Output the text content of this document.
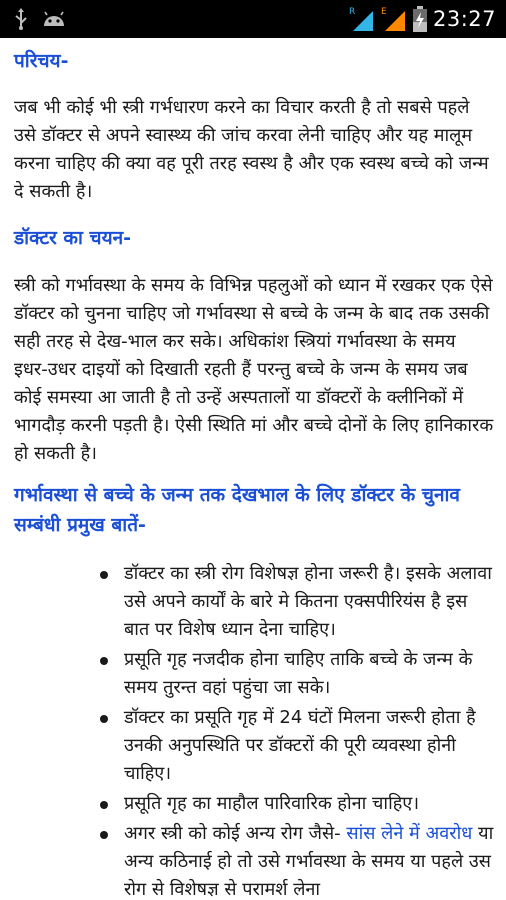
R	E 23:27
परिचय-
जब भी कोई भी स्त्री गर्भधारण करने का विचार करती है तो सबसे पहले उसे डॉक्टर से अपने स्वास्थ्य की जांच करवा लेनी चाहिए और यह मालूम करना चाहिए की क्या वह पूरी तरह स्वस्थ है और एक स्वस्थ बच्चे को जन्म दे सकती है।
डॉक्टर का चयन-
स्त्री को गर्भावस्था के समय के विभिन्न पहलुओं को ध्यान में रखकर एक ऐसे डॉक्टर को चुनना चाहिए जो गर्भावस्था से बच्चे के जन्म के बाद तक उसकी सही तरह से देख-भाल कर सके। अधिकांश स्त्रियां गर्भावस्था के समय इधर-उधर दाइयों को दिखाती रहती हैं परन्तु बच्चे के जन्म के समय जब कोई समस्या आ जाती है तो उन्हें अस्पतालों या डॉक्टरों के क्लीनिकों में भागदौड़ करनी पड़ती है। ऐसी स्थिति मां और बच्चे दोनों के लिए हानिकारक हो सकती है।
गर्भावस्था से बच्चे के जन्म तक देखभाल के लिए डॉक्टर के चुनाव सम्बंधी प्रमुख बातें-
डॉक्टर का स्त्री रोग विशेषज्ञ होना जरूरी है। इसके अलावा उसे अपने कार्यों के बारे मे कितना एक्सपीरियंस है इस बात पर विशेष ध्यान देना चाहिए।
प्रसूति गृह नजदीक होना चाहिए ताकि बच्चे के जन्म के समय तुरन्त वहां पहुंचा जा सके।
डॉक्टर का प्रसूति गृह में 24 घंटों मिलना जरूरी होता है उनकी अनुपस्थिति पर डॉक्टरों की पूरी व्यवस्था होनी चाहिए।
प्रसूति गृह का माहौल पारिवारिक होना चाहिए।
अगर स्त्री को कोई अन्य रोग जैसे- सांस लेने में अवरोध या अन्य कठिनाई हो तो उसे गर्भावस्था के समय या पहले उस रोग से विशेषज्ञ से परामर्श लेना
